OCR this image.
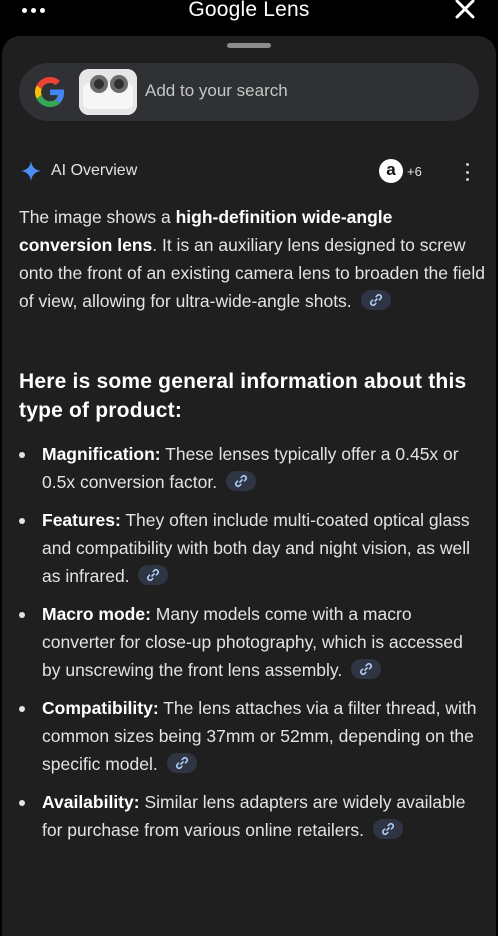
Google Lens
Add to your search
AI Overview	a +6
The image shows a high-definition wide-angle conversion lens. It is an auxiliary lens designed to screw onto the front of an existing camera lens to broaden the field of view, allowing for ultra-wide-angle shots.
Here is some general information about this type of product:
Magnification: These lenses typically offer a 0.45x or 0.5x conversion factor.
Features: They often include multi-coated optical glass and compatibility with both day and night vision, as well as infrared.
Macro mode: Many models come with a macro converter for close-up photography, which is accessed by unscrewing the front lens assembly.
Compatibility: The lens attaches via a filter thread, with common sizes being 37mm or 52mm, depending on the specific model.
Availability: Similar lens adapters are widely available for purchase from various online retailers.
